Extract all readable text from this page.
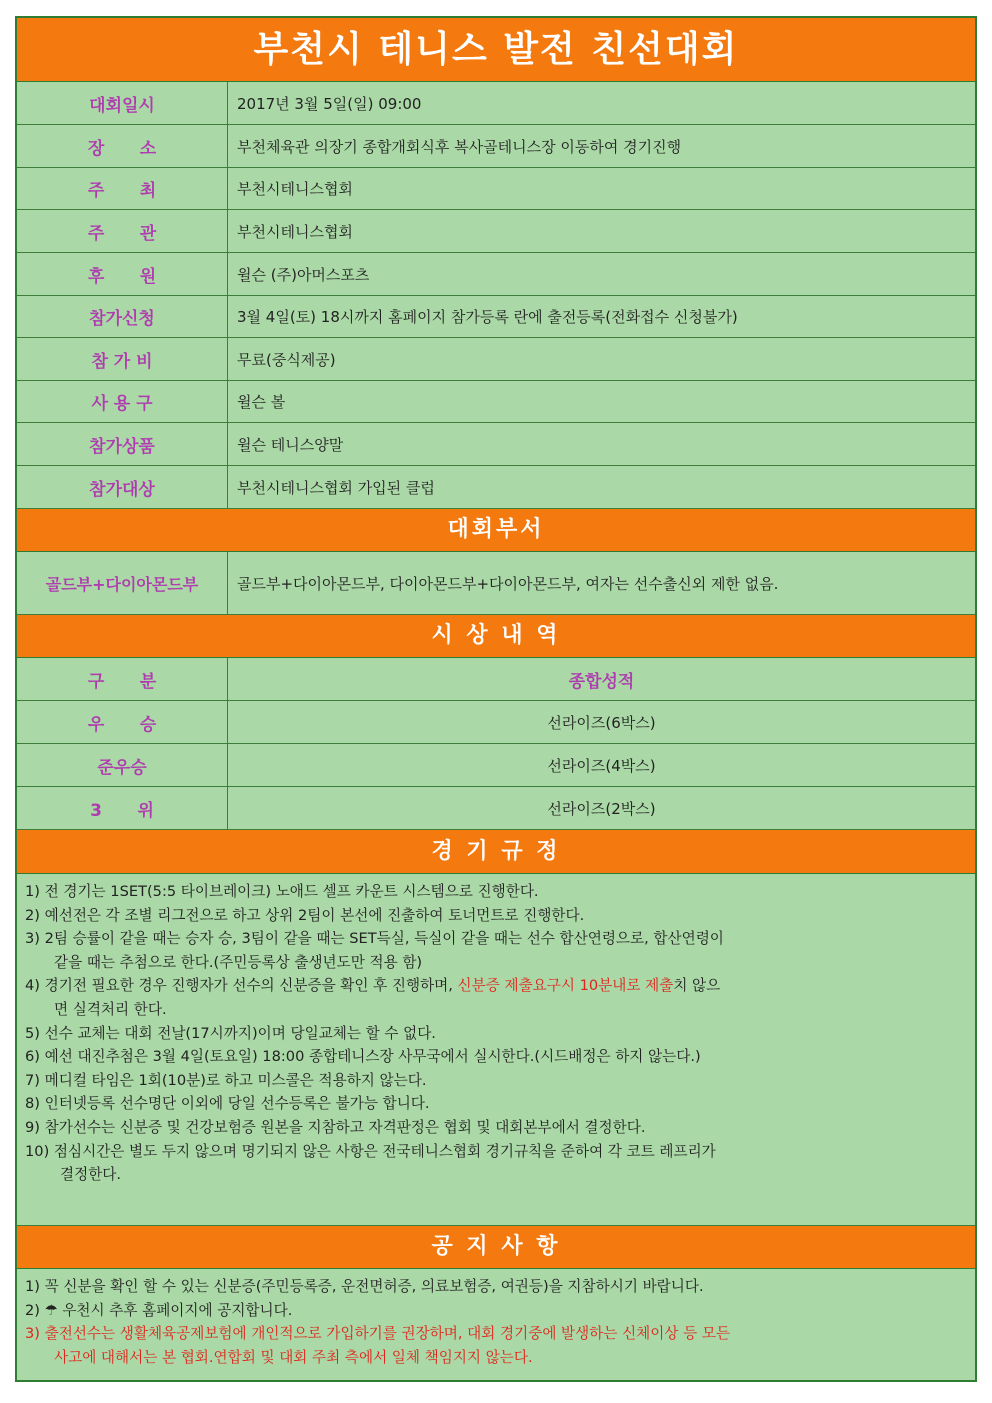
부천시 테니스 발전 친선대회
대회일시	2017년 3월 5일(일) 09:00
장      소	부천체육관 의장기 종합개회식후 복사골테니스장 이동하여 경기진행
주      최	부천시테니스협회
주      관	부천시테니스협회
후      원	윌슨 (주)아머스포츠
참가신청	3월 4일(토) 18시까지 홈페이지 참가등록 란에 출전등록(전화접수 신청불가)
참 가 비	무료(중식제공)
사 용 구	윌슨 볼
참가상품	윌슨 테니스양말
참가대상	부천시테니스협회 가입된 클럽
대회부서
골드부+다이아몬드부	골드부+다이아몬드부, 다이아몬드부+다이아몬드부, 여자는 선수출신외 제한 없음.
시 상 내 역
구      분	종합성적
우      승	선라이즈(6박스)
준우승	선라이즈(4박스)
3      위	선라이즈(2박스)
경 기 규 정
1) 전 경기는 1SET(5:5 타이브레이크) 노애드 셀프 카운트 시스템으로 진행한다.
2) 예선전은 각 조별 리그전으로 하고 상위 2팀이 본선에 진출하여 토너먼트로 진행한다.
3) 2팀 승률이 같을 때는 승자 승, 3팀이 같을 때는 SET득실, 득실이 같을 때는 선수 합산연령으로, 합산연령이
같을 때는 추첨으로 한다.(주민등록상 출생년도만 적용 함)
4) 경기전 필요한 경우 진행자가 선수의 신분증을 확인 후 진행하며, 신분증 제출요구시 10분내로 제출치 않으
면 실격처리 한다.
5) 선수 교체는 대회 전날(17시까지)이며 당일교체는 할 수 없다.
6) 예선 대진추첨은 3월 4일(토요일) 18:00 종합테니스장 사무국에서 실시한다.(시드배정은 하지 않는다.)
7) 메디컬 타임은 1회(10분)로 하고 미스콜은 적용하지 않는다.
8) 인터넷등록 선수명단 이외에 당일 선수등록은 불가능 합니다.
9) 참가선수는 신분증 및 건강보험증 원본을 지참하고 자격판정은 협회 및 대회본부에서 결정한다.
10) 점심시간은 별도 두지 않으며 명기되지 않은 사항은 전국테니스협회 경기규칙을 준하여 각 코트 레프리가
결정한다.
공 지 사 항
1) 꼭 신분을 확인 할 수 있는 신분증(주민등록증, 운전면허증, 의료보험증, 여권등)을 지참하시기 바랍니다.
2) ☂ 우천시 추후 홈페이지에 공지합니다.
3) 출전선수는 생활체육공제보험에 개인적으로 가입하기를 권장하며, 대회 경기중에 발생하는 신체이상 등 모든
사고에 대해서는 본 협회.연합회 및 대회 주최 측에서 일체 책임지지 않는다.
